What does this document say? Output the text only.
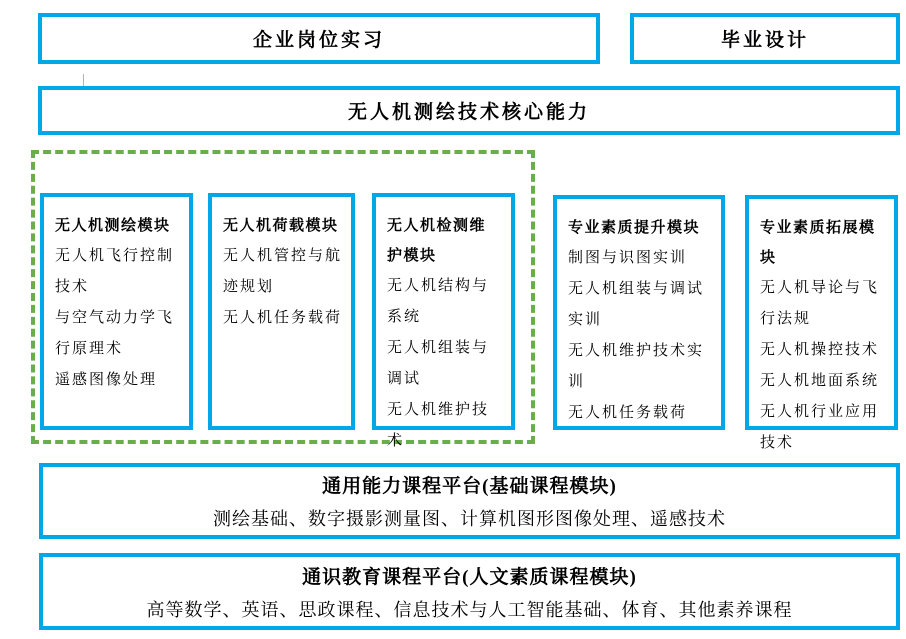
企业岗位实习	毕业设计
无人机测绘技术核心能力
无人机测绘模块
无人机飞行控制技术
与空气动力学飞行原理术
遥感图像处理
无人机荷载模块
无人机管控与航迹规划
无人机任务载荷
无人机检测维护模块
无人机结构与系统
无人机组装与调试
无人机维护技术
专业素质提升模块
制图与识图实训
无人机组装与调试实训
无人机维护技术实训
无人机任务载荷
专业素质拓展模块
无人机导论与飞行法规
无人机操控技术
无人机地面系统
无人机行业应用技术
通用能力课程平台(基础课程模块)
测绘基础、数字摄影测量图、计算机图形图像处理、遥感技术
通识教育课程平台(人文素质课程模块)
高等数学、英语、思政课程、信息技术与人工智能基础、体育、其他素养课程
